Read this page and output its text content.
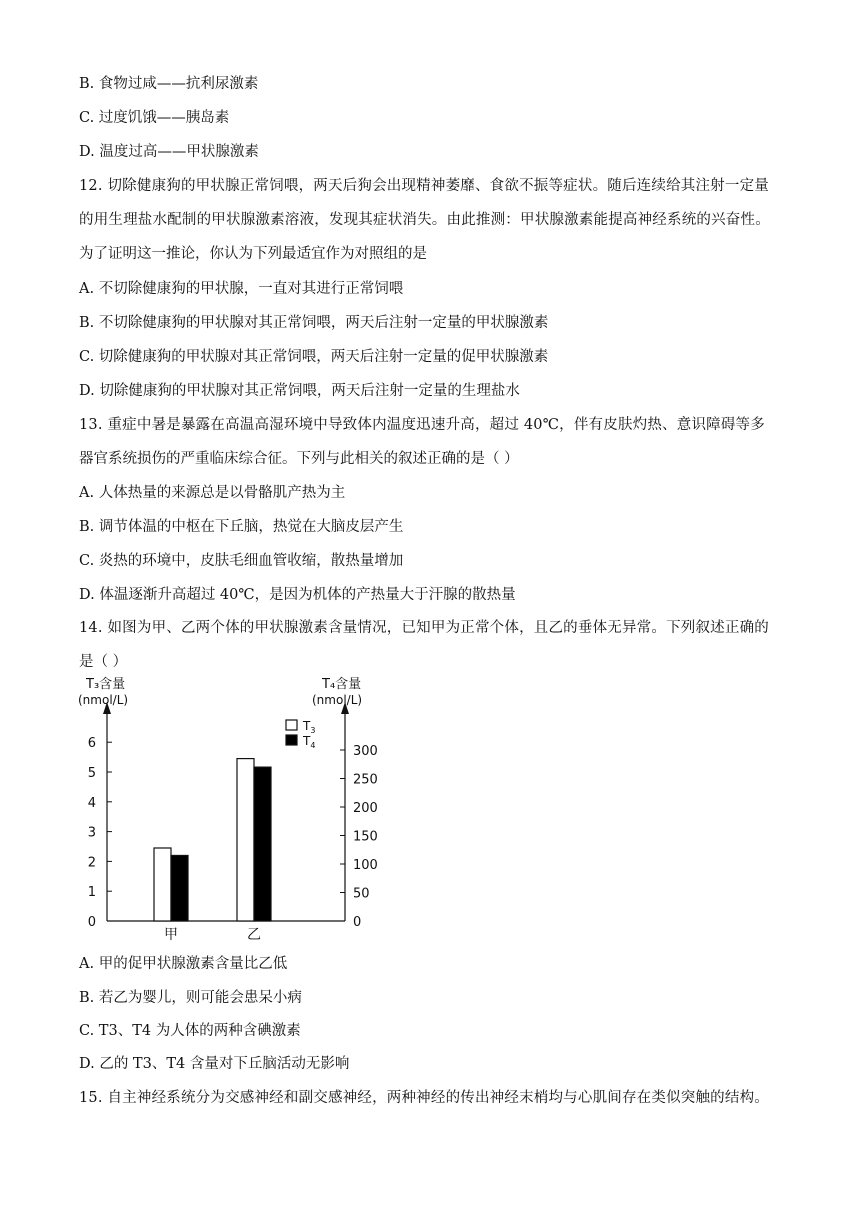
B. 食物过咸——抗利尿激素
C. 过度饥饿——胰岛素
D. 温度过高——甲状腺激素
12. 切除健康狗的甲状腺正常饲喂，两天后狗会出现精神萎靡、食欲不振等症状。随后连续给其注射一定量
的用生理盐水配制的甲状腺激素溶液，发现其症状消失。由此推测：甲状腺激素能提高神经系统的兴奋性。
为了证明这一推论，你认为下列最适宜作为对照组的是
A. 不切除健康狗的甲状腺，一直对其进行正常饲喂
B. 不切除健康狗的甲状腺对其正常饲喂，两天后注射一定量的甲状腺激素
C. 切除健康狗的甲状腺对其正常饲喂，两天后注射一定量的促甲状腺激素
D. 切除健康狗的甲状腺对其正常饲喂，两天后注射一定量的生理盐水
13. 重症中暑是暴露在高温高湿环境中导致体内温度迅速升高，超过 40℃，伴有皮肤灼热、意识障碍等多
器官系统损伤的严重临床综合征。下列与此相关的叙述正确的是（ ）
A. 人体热量的来源总是以骨骼肌产热为主
B. 调节体温的中枢在下丘脑，热觉在大脑皮层产生
C. 炎热的环境中，皮肤毛细血管收缩，散热量增加
D. 体温逐渐升高超过 40℃，是因为机体的产热量大于汗腺的散热量
14. 如图为甲、乙两个体的甲状腺激素含量情况，已知甲为正常个体，且乙的垂体无异常。下列叙述正确的
是（ ）
0
1
2
3
4
5
6
0
50
100
150
200
250
300
T₃含量
(nmol/L)
T₄含量
(nmol/L)
甲	乙
$T_3$
$T_4$
A. 甲的促甲状腺激素含量比乙低
B. 若乙为婴儿，则可能会患呆小病
C. T3、T4 为人体的两种含碘激素
D. 乙的 T3、T4 含量对下丘脑活动无影响
15. 自主神经系统分为交感神经和副交感神经，两种神经的传出神经末梢均与心肌间存在类似突触的结构。
